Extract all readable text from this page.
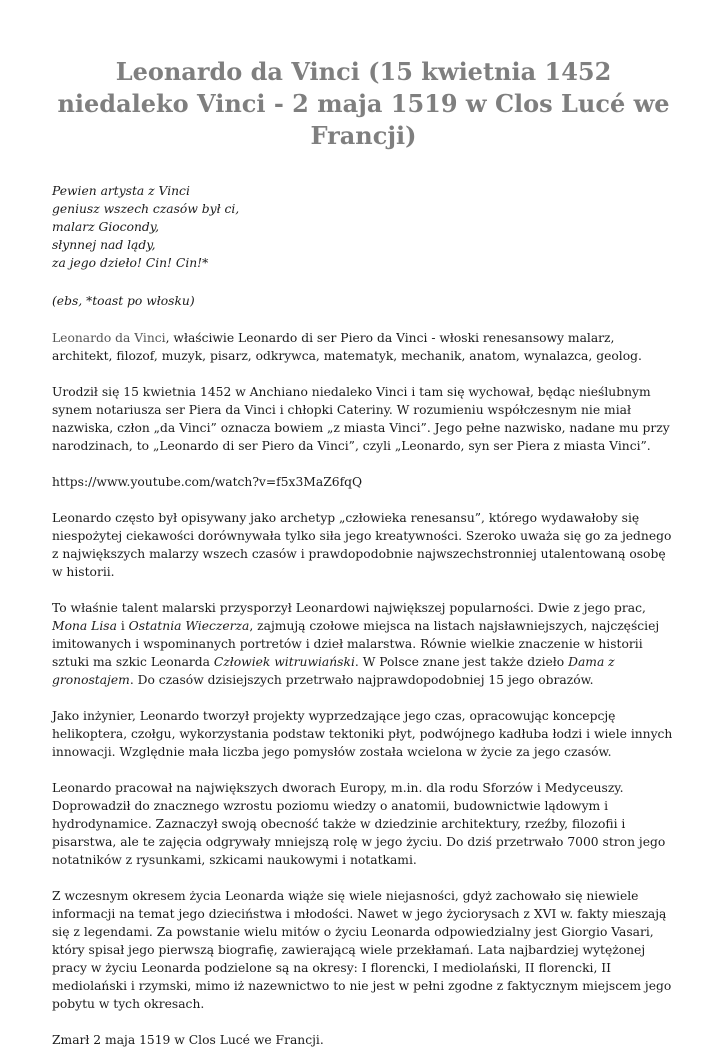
Leonardo da Vinci (15 kwietnia 1452 niedaleko Vinci - 2 maja 1519 w Clos Lucé we Francji)

Pewien artysta z Vinci
geniusz wszech czasów był ci,
malarz Giocondy,
słynnej nad lądy,
za jego dzieło! Cin! Cin!*

(ebs, *toast po włosku)

Leonardo da Vinci, właściwie Leonardo di ser Piero da Vinci - włoski renesansowy malarz, architekt, filozof, muzyk, pisarz, odkrywca, matematyk, mechanik, anatom, wynalazca, geolog.

Urodził się 15 kwietnia 1452 w Anchiano niedaleko Vinci i tam się wychował, będąc nieślubnym synem notariusza ser Piera da Vinci i chłopki Cateriny. W rozumieniu współczesnym nie miał nazwiska, człon „da Vinci” oznacza bowiem „z miasta Vinci”. Jego pełne nazwisko, nadane mu przy narodzinach, to „Leonardo di ser Piero da Vinci”, czyli „Leonardo, syn ser Piera z miasta Vinci”.

https://www.youtube.com/watch?v=f5x3MaZ6fqQ

Leonardo często był opisywany jako archetyp „człowieka renesansu”, którego wydawałoby się niespożytej ciekawości dorównywała tylko siła jego kreatywności. Szeroko uważa się go za jednego z największych malarzy wszech czasów i prawdopodobnie najwszechstronniej utalentowaną osobę w historii.

To właśnie talent malarski przysporzył Leonardowi największej popularności. Dwie z jego prac, Mona Lisa i Ostatnia Wieczerza, zajmują czołowe miejsca na listach najsławniejszych, najczęściej imitowanych i wspominanych portretów i dzieł malarstwa. Równie wielkie znaczenie w historii sztuki ma szkic Leonarda Człowiek witruwiański. W Polsce znane jest także dzieło Dama z gronostajem. Do czasów dzisiejszych przetrwało najprawdopodobniej 15 jego obrazów.

Jako inżynier, Leonardo tworzył projekty wyprzedzające jego czas, opracowując koncepcję helikoptera, czołgu, wykorzystania podstaw tektoniki płyt, podwójnego kadłuba łodzi i wiele innych innowacji. Względnie mała liczba jego pomysłów została wcielona w życie za jego czasów.

Leonardo pracował na największych dworach Europy, m.in. dla rodu Sforzów i Medyceuszy. Doprowadził do znacznego wzrostu poziomu wiedzy o anatomii, budownictwie lądowym i hydrodynamice. Zaznaczył swoją obecność także w dziedzinie architektury, rzeźby, filozofii i pisarstwa, ale te zajęcia odgrywały mniejszą rolę w jego życiu. Do dziś przetrwało 7000 stron jego notatników z rysunkami, szkicami naukowymi i notatkami.

Z wczesnym okresem życia Leonarda wiąże się wiele niejasności, gdyż zachowało się niewiele informacji na temat jego dzieciństwa i młodości. Nawet w jego życiorysach z XVI w. fakty mieszają się z legendami. Za powstanie wielu mitów o życiu Leonarda odpowiedzialny jest Giorgio Vasari, który spisał jego pierwszą biografię, zawierającą wiele przekłamań. Lata najbardziej wytężonej pracy w życiu Leonarda podzielone są na okresy: I florencki, I mediolański, II florencki, II mediolański i rzymski, mimo iż nazewnictwo to nie jest w pełni zgodne z faktycznym miejscem jego pobytu w tych okresach.

Zmarł 2 maja 1519 w Clos Lucé we Francji.
